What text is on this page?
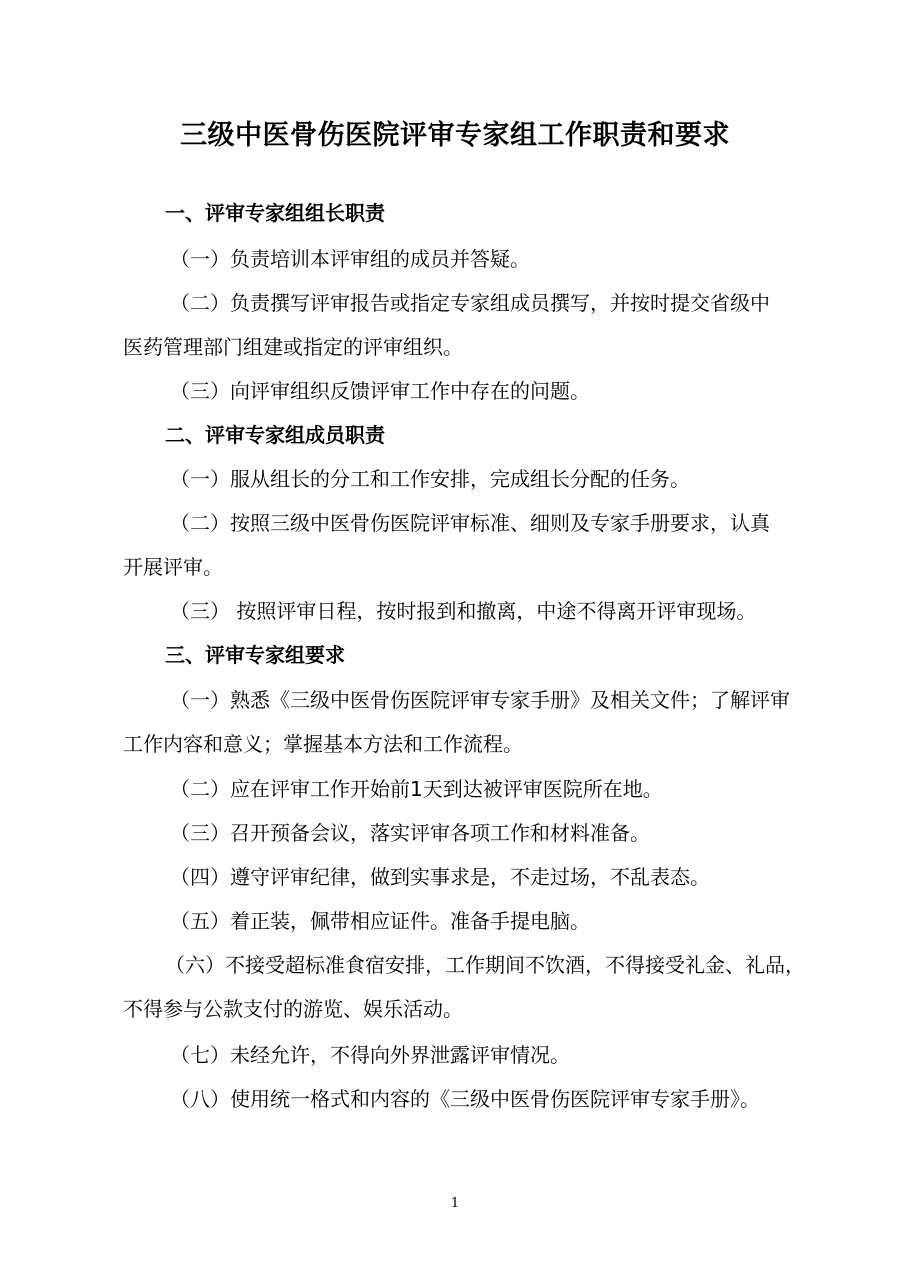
三级中医骨伤医院评审专家组工作职责和要求
一、评审专家组组长职责
（一）负责培训本评审组的成员并答疑。
（二）负责撰写评审报告或指定专家组成员撰写，并按时提交省级中
医药管理部门组建或指定的评审组织。
（三）向评审组织反馈评审工作中存在的问题。
二、评审专家组成员职责
（一）服从组长的分工和工作安排，完成组长分配的任务。
（二）按照三级中医骨伤医院评审标准、细则及专家手册要求，认真
开展评审。
（三） 按照评审日程，按时报到和撤离，中途不得离开评审现场。
三、评审专家组要求
（一）熟悉《三级中医骨伤医院评审专家手册》及相关文件；了解评审
工作内容和意义；掌握基本方法和工作流程。
（二）应在评审工作开始前1天到达被评审医院所在地。
（三）召开预备会议，落实评审各项工作和材料准备。
（四）遵守评审纪律，做到实事求是，不走过场，不乱表态。
（五）着正装，佩带相应证件。准备手提电脑。
（六）不接受超标准食宿安排，工作期间不饮酒，不得接受礼金、礼品，
不得参与公款支付的游览、娱乐活动。
（七）未经允许，不得向外界泄露评审情况。
（八）使用统一格式和内容的《三级中医骨伤医院评审专家手册》。
1
